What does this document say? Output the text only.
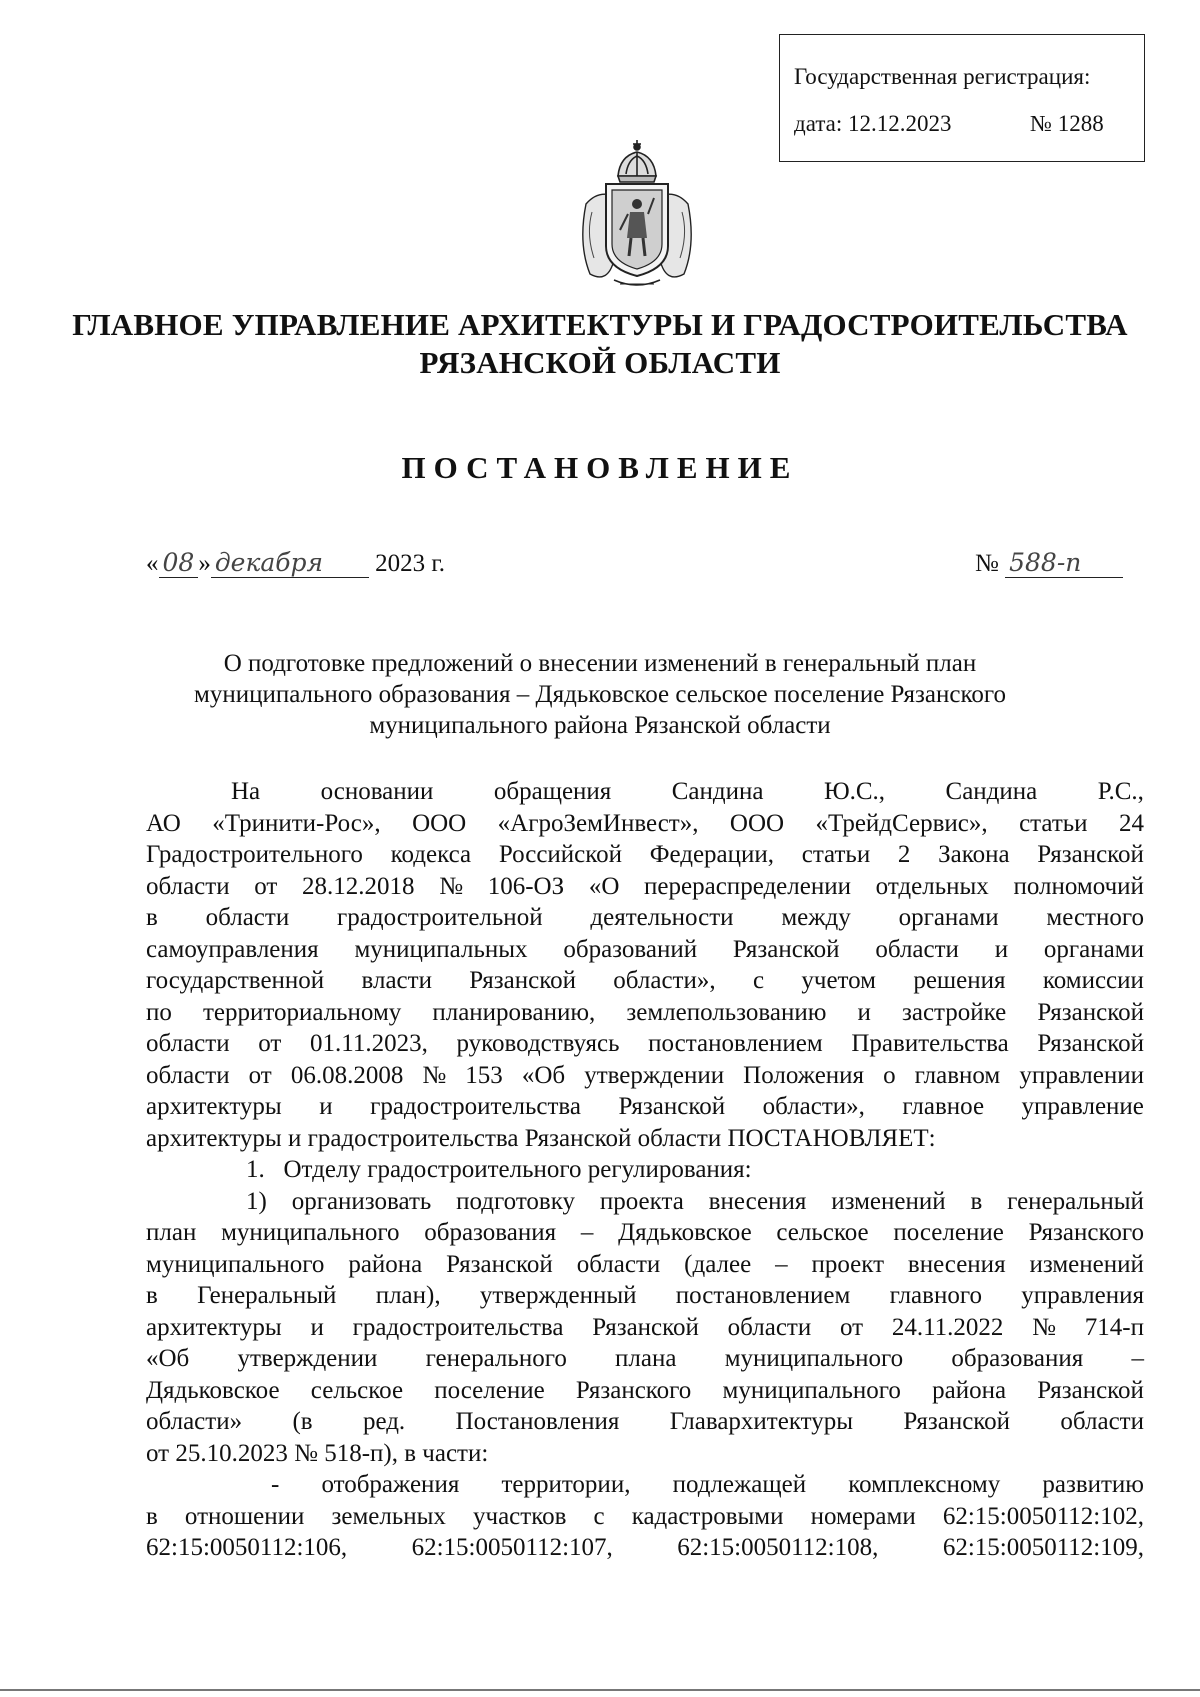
Государственная регистрация:
дата: 12.12.2023	№ 1288
ГЛАВНОЕ УПРАВЛЕНИЕ АРХИТЕКТУРЫ И ГРАДОСТРОИТЕЛЬСТВА
РЯЗАНСКОЙ ОБЛАСТИ
ПОСТАНОВЛЕНИЕ
« 08 » декабря 2023 г.	№ 588-п
О подготовке предложений о внесении изменений в генеральный план
муниципального образования – Дядьковское сельское поселение Рязанского
муниципального района Рязанской области
На основании обращения Сандина Ю.С., Сандина Р.С.,
АО «Тринити-Рос», ООО «АгроЗемИнвест», ООО «ТрейдСервис», статьи 24
Градостроительного кодекса Российской Федерации, статьи 2 Закона Рязанской
области от 28.12.2018 № 106-ОЗ «О перераспределении отдельных полномочий
в области градостроительной деятельности между органами местного
самоуправления муниципальных образований Рязанской области и органами
государственной власти Рязанской области», с учетом решения комиссии
по территориальному планированию, землепользованию и застройке Рязанской
области от 01.11.2023, руководствуясь постановлением Правительства Рязанской
области от 06.08.2008 № 153 «Об утверждении Положения о главном управлении
архитектуры и градостроительства Рязанской области», главное управление
архитектуры и градостроительства Рязанской области ПОСТАНОВЛЯЕТ:
1.   Отделу градостроительного регулирования:
1) организовать подготовку проекта внесения изменений в генеральный
план муниципального образования – Дядьковское сельское поселение Рязанского
муниципального района Рязанской области (далее – проект внесения изменений
в Генеральный план), утвержденный постановлением главного управления
архитектуры и градостроительства Рязанской области от 24.11.2022 № 714-п
«Об утверждении генерального плана муниципального образования –
Дядьковское сельское поселение Рязанского муниципального района Рязанской
области» (в ред. Постановления Главархитектуры Рязанской области
от 25.10.2023 № 518-п), в части:
- отображения территории, подлежащей комплексному развитию
в отношении земельных участков с кадастровыми номерами 62:15:0050112:102,
62:15:0050112:106,	62:15:0050112:107,	62:15:0050112:108,	62:15:0050112:109,
